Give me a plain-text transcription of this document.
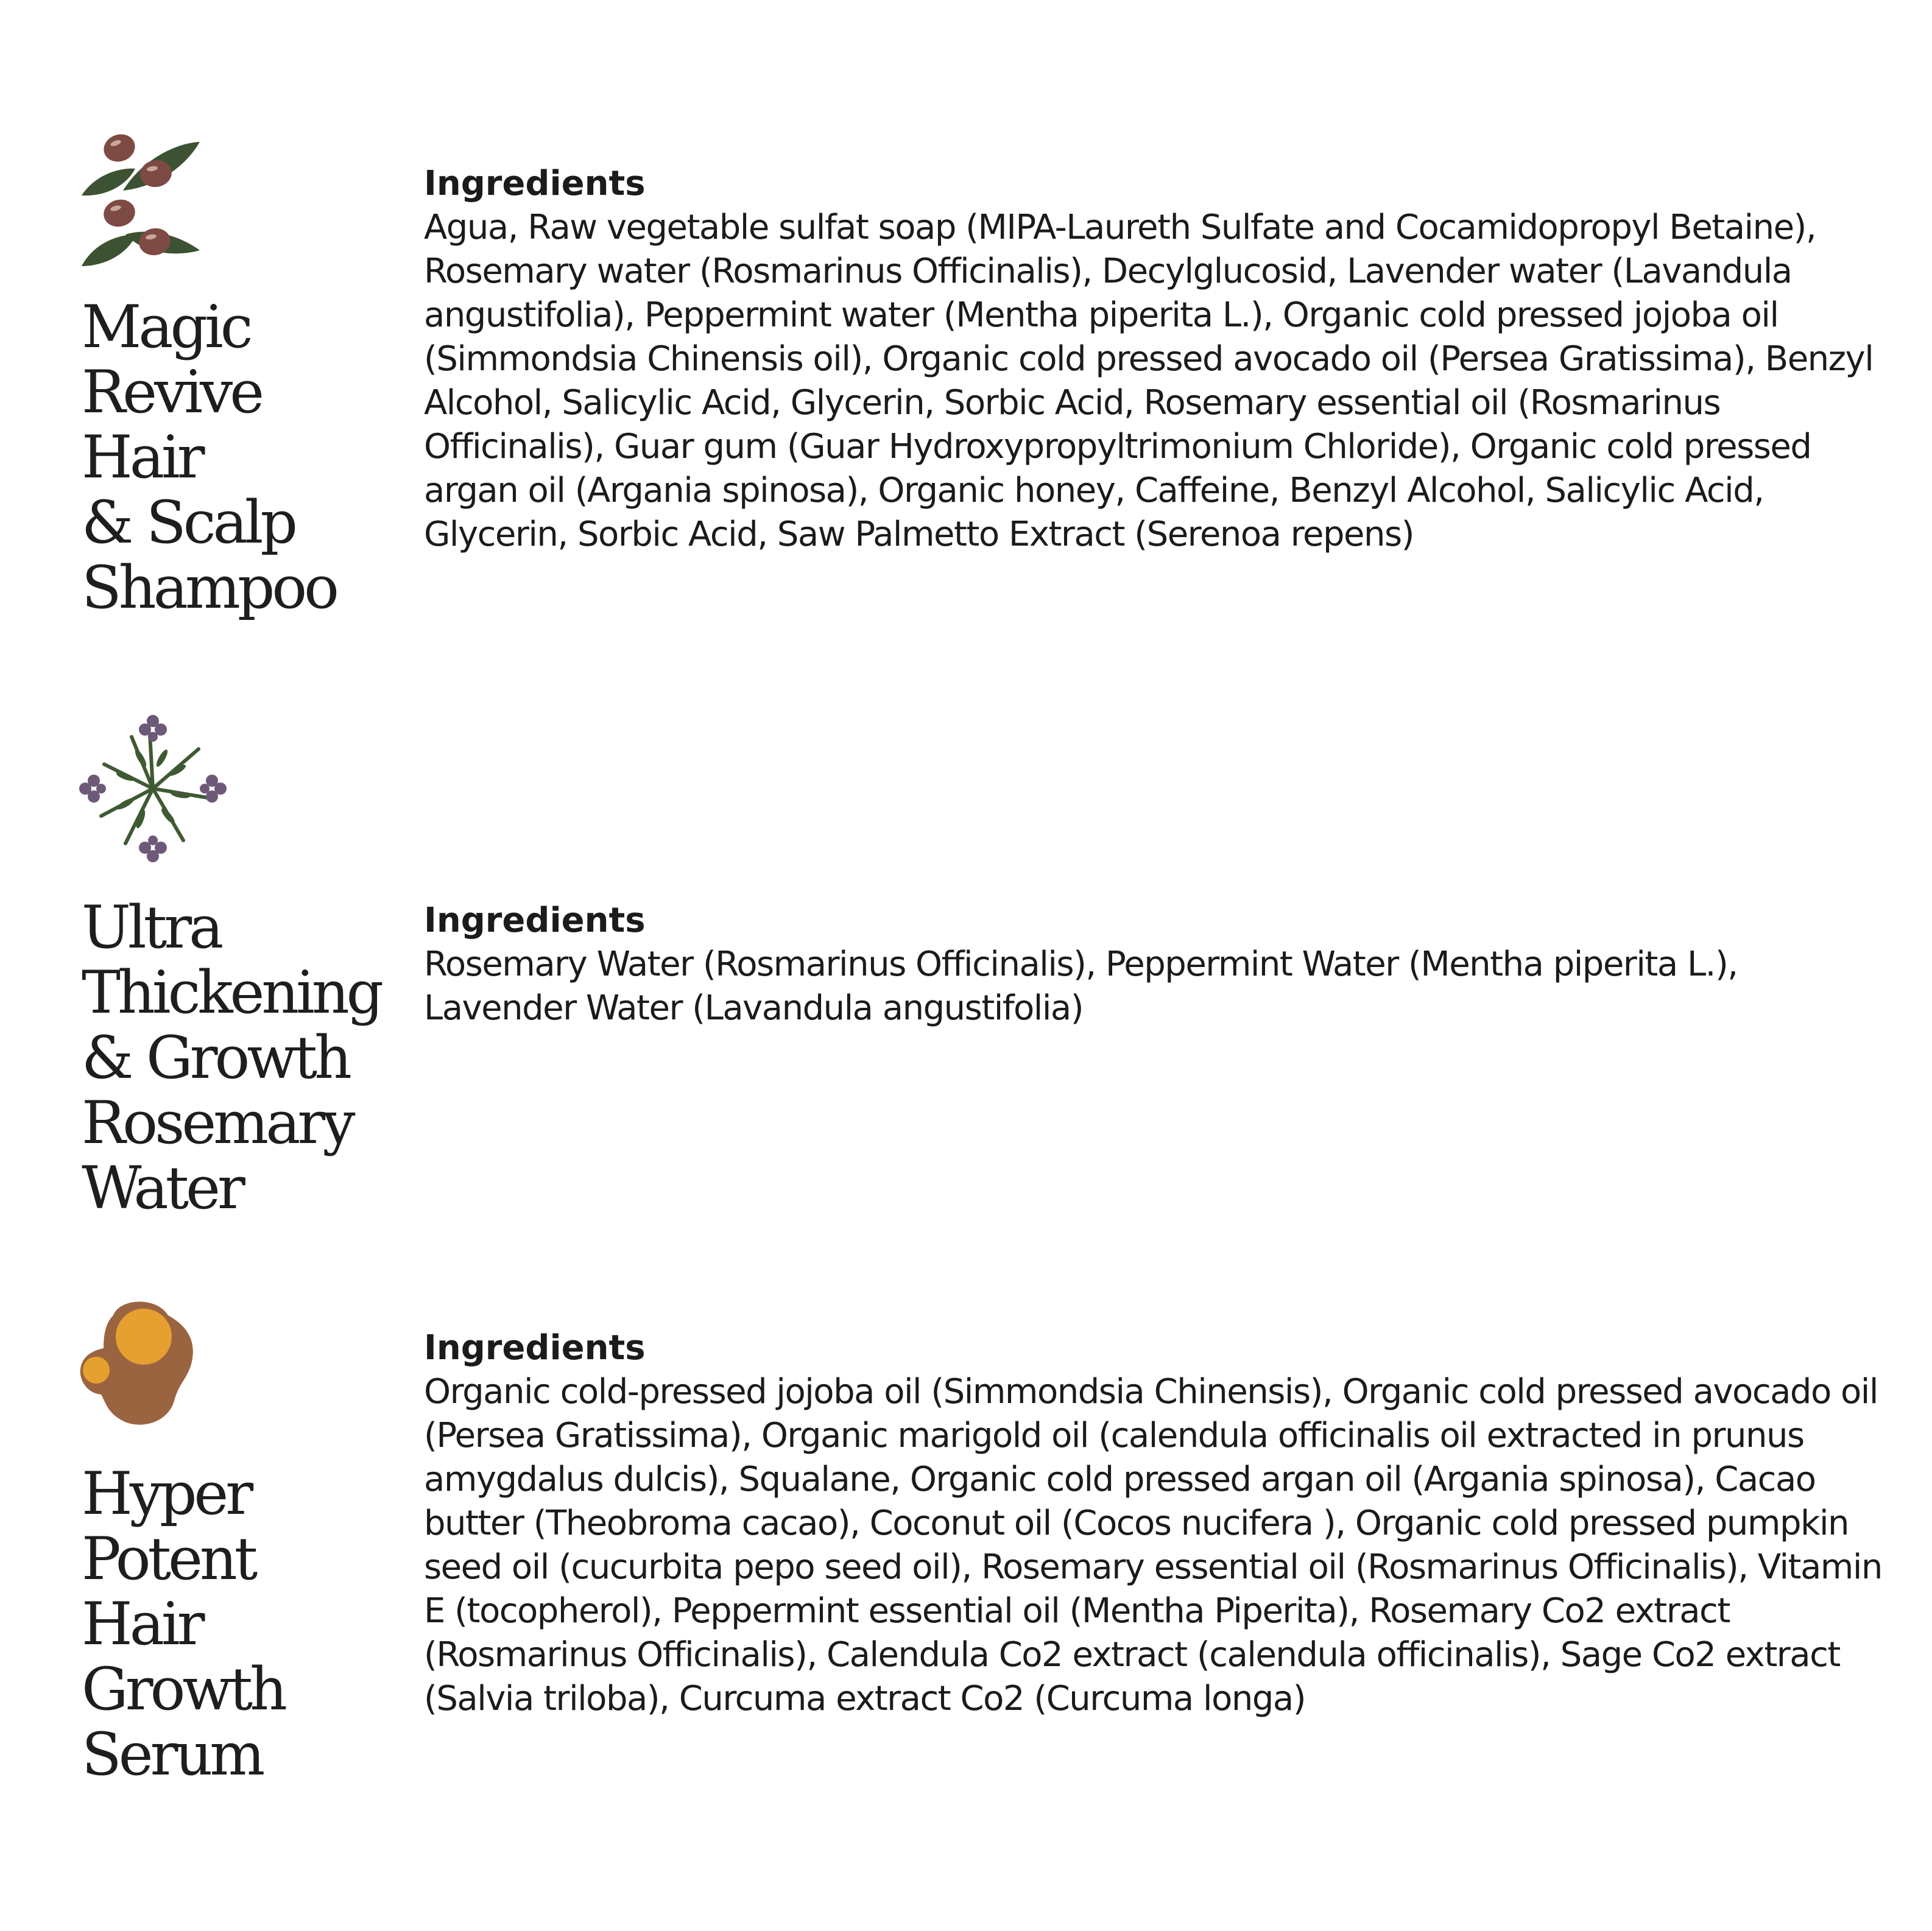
Magic
Revive
Hair
& Scalp
Shampoo
Ingredients

Agua, Raw vegetable sulfat soap (MIPA-Laureth Sulfate and Cocamidopropyl Betaine), Rosemary water (Rosmarinus Officinalis), Decylglucosid, Lavender water (Lavandula angustifolia), Peppermint water (Mentha piperita L.), Organic cold pressed jojoba oil (Simmondsia Chinensis oil), Organic cold pressed avocado oil (Persea Gratissima), Benzyl Alcohol, Salicylic Acid, Glycerin, Sorbic Acid, Rosemary essential oil (Rosmarinus Officinalis), Guar gum (Guar Hydroxypropyltrimonium Chloride), Organic cold pressed argan oil (Argania spinosa), Organic honey, Caffeine, Benzyl Alcohol, Salicylic Acid, Glycerin, Sorbic Acid, Saw Palmetto Extract (Serenoa repens)

Ultra
Thickening
& Growth
Rosemary
Water
Ingredients

Rosemary Water (Rosmarinus Officinalis), Peppermint Water (Mentha piperita L.), Lavender Water (Lavandula angustifolia)

Hyper
Potent
Hair
Growth
Serum
Ingredients

Organic cold-pressed jojoba oil (Simmondsia Chinensis), Organic cold pressed avocado oil (Persea Gratissima), Organic marigold oil (calendula officinalis oil extracted in prunus amygdalus dulcis), Squalane, Organic cold pressed argan oil (Argania spinosa), Cacao butter (Theobroma cacao), Coconut oil (Cocos nucifera ), Organic cold pressed pumpkin seed oil (cucurbita pepo seed oil), Rosemary essential oil (Rosmarinus Officinalis), Vitamin E (tocopherol), Peppermint essential oil (Mentha Piperita), Rosemary Co2 extract (Rosmarinus Officinalis), Calendula Co2 extract (calendula officinalis), Sage Co2 extract (Salvia triloba), Curcuma extract Co2 (Curcuma longa)
